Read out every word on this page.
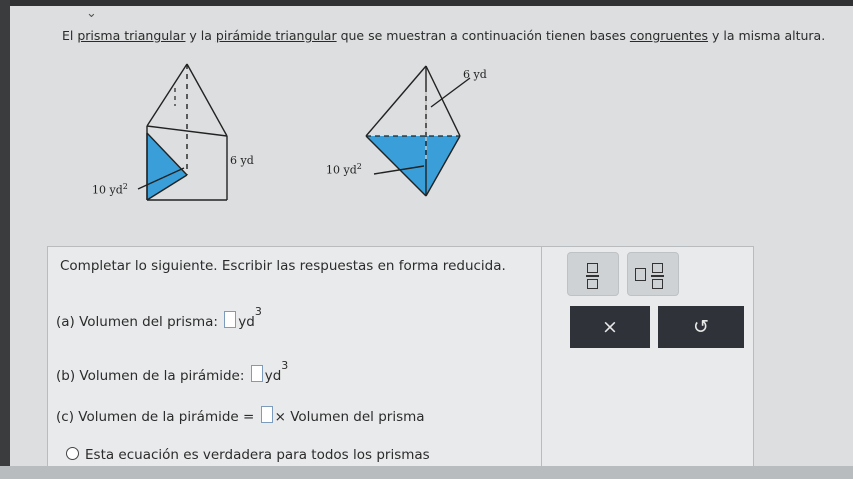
⌄
El prisma triangular y la pirámide triangular que se muestran a continuación tienen bases congruentes y la misma altura.
6 yd
10 $yd^2$
6 yd
10 $yd^2$
Completar lo siguiente. Escribir las respuestas en forma reducida.
(a) Volumen del prisma: $yd^3$
(b) Volumen de la pirámide: $yd^3$
(c) Volumen de la pirámide = × Volumen del prisma
Esta ecuación es verdadera para todos los prismas
×	↺
